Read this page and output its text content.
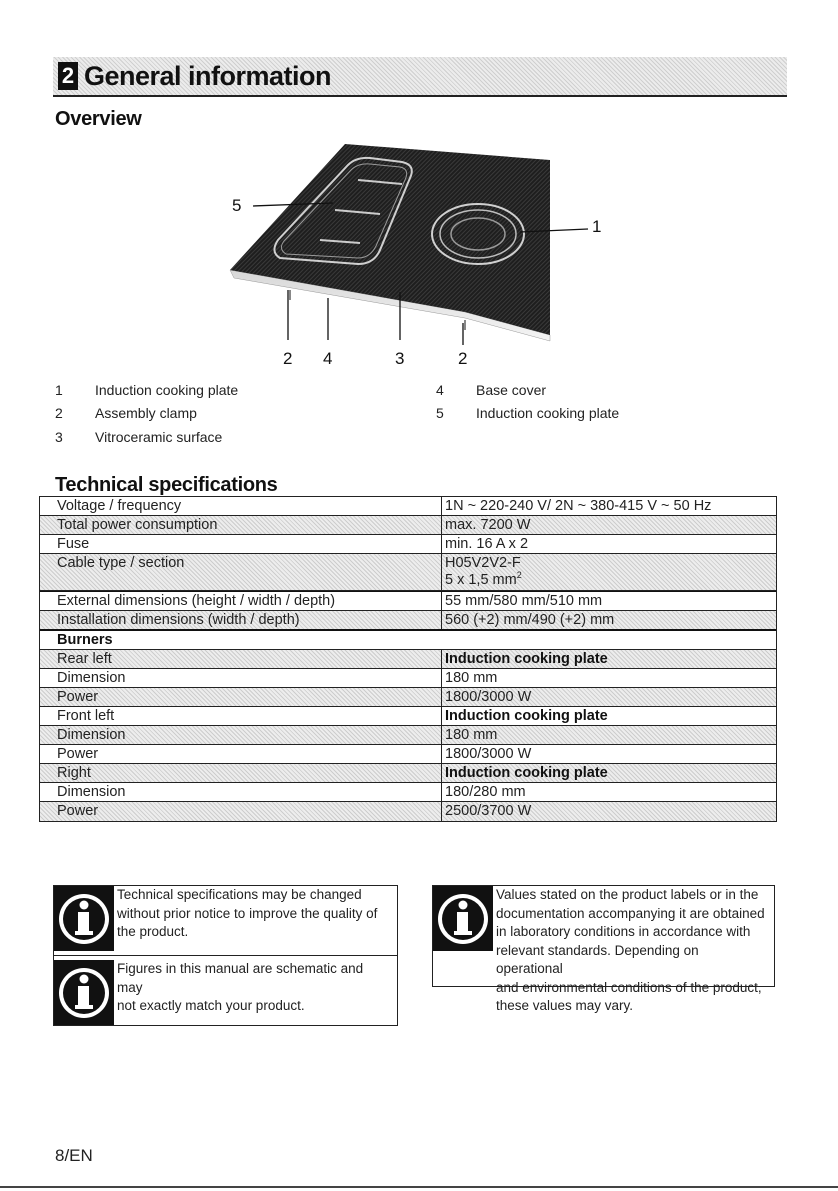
2 General information
Overview
5
1
2 4	3	2
1	Induction cooking plate
2	Assembly clamp
3	Vitroceramic surface
4	Base cover
5	Induction cooking plate
Technical specifications
Voltage / frequency	1N ~ 220-240 V/ 2N ~ 380-415 V ~ 50 Hz
Total power consumption	max. 7200 W
Fuse	min. 16 A x 2
Cable type / section	H05V2V2-F
5 x 1,5 $mm^2$
External dimensions (height / width / depth)	55 mm/580 mm/510 mm
Installation dimensions (width / depth)	560 (+2) mm/490 (+2) mm
Burners
Rear left	Induction cooking plate
Dimension	180 mm
Power	1800/3000 W
Front left	Induction cooking plate
Dimension	180 mm
Power	1800/3000 W
Right	Induction cooking plate
Dimension	180/280 mm
Power	2500/3700 W
Technical specifications may be changed
without prior notice to improve the quality of
the product.
Figures in this manual are schematic and may
not exactly match your product.
Values stated on the product labels or in the
documentation accompanying it are obtained
in laboratory conditions in accordance with
relevant standards. Depending on operational
and environmental conditions of the product,
these values may vary.
8/EN
